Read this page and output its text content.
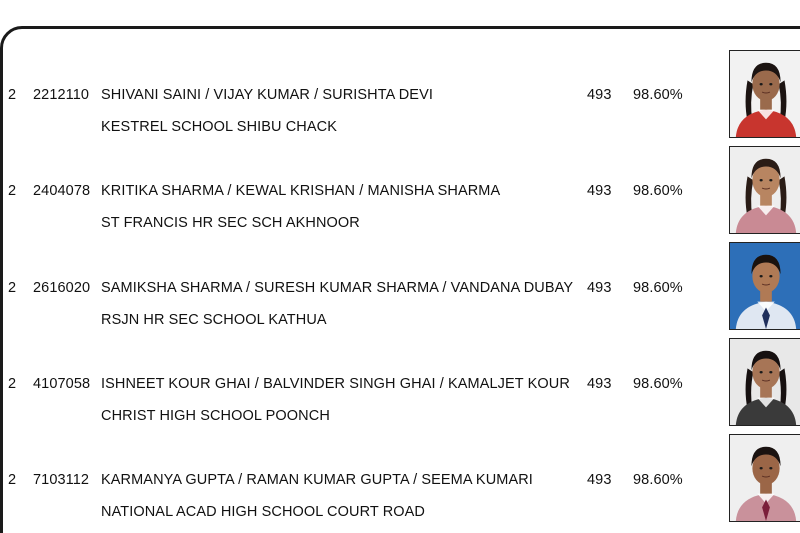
2 2212110 SHIVANI SAINI / VIJAY KUMAR / SURISHTA DEVI
KESTREL SCHOOL SHIBU CHACK
493 98.60%
2 2404078 KRITIKA SHARMA / KEWAL KRISHAN / MANISHA SHARMA
ST FRANCIS HR SEC SCH AKHNOOR
493 98.60%
2 2616020 SAMIKSHA SHARMA / SURESH KUMAR SHARMA / VANDANA DUBAY
RSJN HR SEC SCHOOL KATHUA
493 98.60%
2 4107058 ISHNEET KOUR GHAI / BALVINDER SINGH GHAI / KAMALJET KOUR
CHRIST HIGH SCHOOL POONCH
493 98.60%
2 7103112 KARMANYA GUPTA / RAMAN KUMAR GUPTA / SEEMA KUMARI
NATIONAL ACAD HIGH SCHOOL COURT ROAD
493 98.60%
